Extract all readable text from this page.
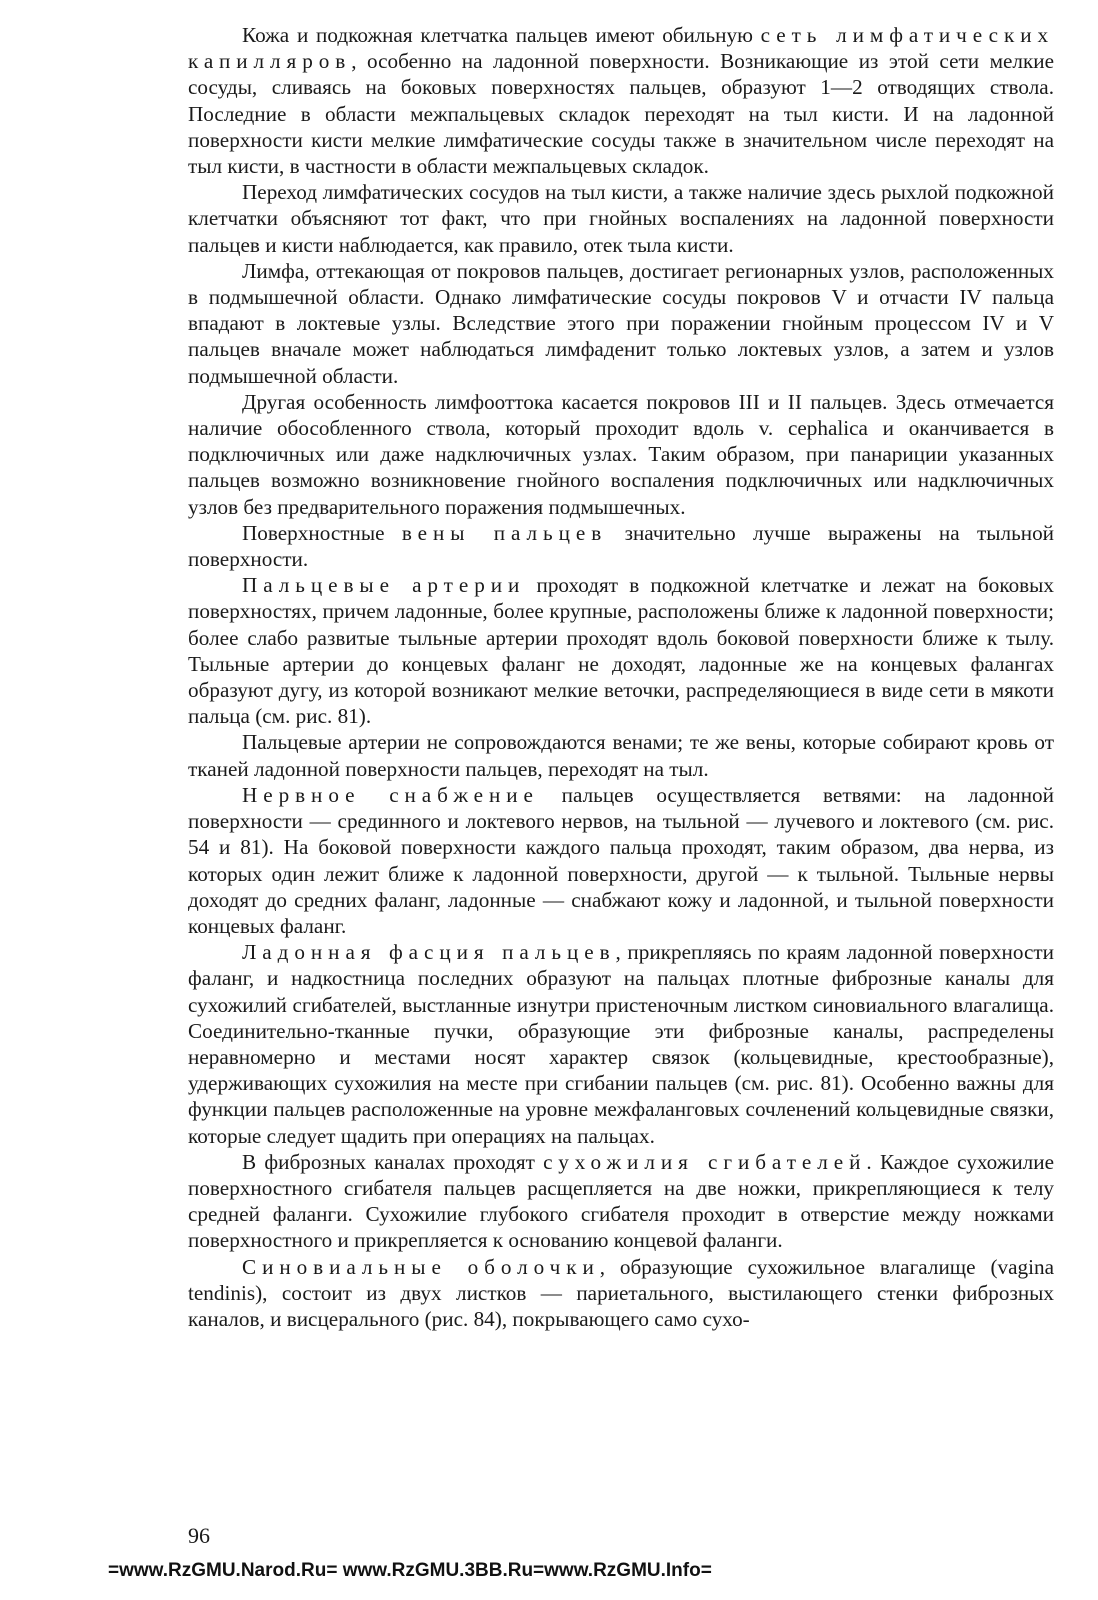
Кожа и подкожная клетчатка пальцев имеют обильную сеть лимфатических капилляров, особенно на ладонной поверхности. Возникающие из этой сети мелкие сосуды, сливаясь на боковых поверхностях пальцев, образуют 1—2 отводящих ствола. Последние в области межпальцевых складок переходят на тыл кисти. И на ладонной поверхности кисти мелкие лимфатические сосуды также в значительном числе переходят на тыл кисти, в частности в области межпальцевых складок.

Переход лимфатических сосудов на тыл кисти, а также наличие здесь рыхлой подкожной клетчатки объясняют тот факт, что при гнойных воспалениях на ладонной поверхности пальцев и кисти наблюдается, как правило, отек тыла кисти.

Лимфа, оттекающая от покровов пальцев, достигает регионарных узлов, расположенных в подмышечной области. Однако лимфатические сосуды покровов V и отчасти IV пальца впадают в локтевые узлы. Вследствие этого при поражении гнойным процессом IV и V пальцев вначале может наблюдаться лимфаденит только локтевых узлов, а затем и узлов подмышечной области.

Другая особенность лимфооттока касается покровов III и II пальцев. Здесь отмечается наличие обособленного ствола, который проходит вдоль v. cephalica и оканчивается в подключичных или даже надключичных узлах. Таким образом, при панариции указанных пальцев возможно возникновение гнойного воспаления подключичных или надключичных узлов без предварительного поражения подмышечных.

Поверхностные вены пальцев значительно лучше выражены на тыльной поверхности.

Пальцевые артерии проходят в подкожной клетчатке и лежат на боковых поверхностях, причем ладонные, более крупные, расположены ближе к ладонной поверхности; более слабо развитые тыльные артерии проходят вдоль боковой поверхности ближе к тылу. Тыльные артерии до концевых фаланг не доходят, ладонные же на концевых фалангах образуют дугу, из которой возникают мелкие веточки, распределяющиеся в виде сети в мякоти пальца (см. рис. 81).

Пальцевые артерии не сопровождаются венами; те же вены, которые собирают кровь от тканей ладонной поверхности пальцев, переходят на тыл.

Нервное снабжение пальцев осуществляется ветвями: на ладонной поверхности — срединного и локтевого нервов, на тыльной — лучевого и локтевого (см. рис. 54 и 81). На боковой поверхности каждого пальца проходят, таким образом, два нерва, из которых один лежит ближе к ладонной поверхности, другой — к тыльной. Тыльные нервы доходят до средних фаланг, ладонные — снабжают кожу и ладонной, и тыльной поверхности концевых фаланг.

Ладонная фасция пальцев, прикрепляясь по краям ладонной поверхности фаланг, и надкостница последних образуют на пальцах плотные фиброзные каналы для сухожилий сгибателей, выстланные изнутри пристеночным листком синовиального влагалища. Соединительно-тканные пучки, образующие эти фиброзные каналы, распределены неравномерно и местами носят характер связок (кольцевидные, крестообразные), удерживающих сухожилия на месте при сгибании пальцев (см. рис. 81). Особенно важны для функции пальцев расположенные на уровне межфаланговых сочленений кольцевидные связки, которые следует щадить при операциях на пальцах.

В фиброзных каналах проходят сухожилия сгибателей. Каждое сухожилие поверхностного сгибателя пальцев расщепляется на две ножки, прикрепляющиеся к телу средней фаланги. Сухожилие глубокого сгибателя проходит в отверстие между ножками поверхностного и прикрепляется к основанию концевой фаланги.

Синовиальные оболочки, образующие сухожильное влагалище (vagina tendinis), состоит из двух листков — париетального, выстилающего стенки фиброзных каналов, и висцерального (рис. 84), покрывающего само сухо-

96
=www.RzGMU.Narod.Ru= www.RzGMU.3BB.Ru=www.RzGMU.Info=
